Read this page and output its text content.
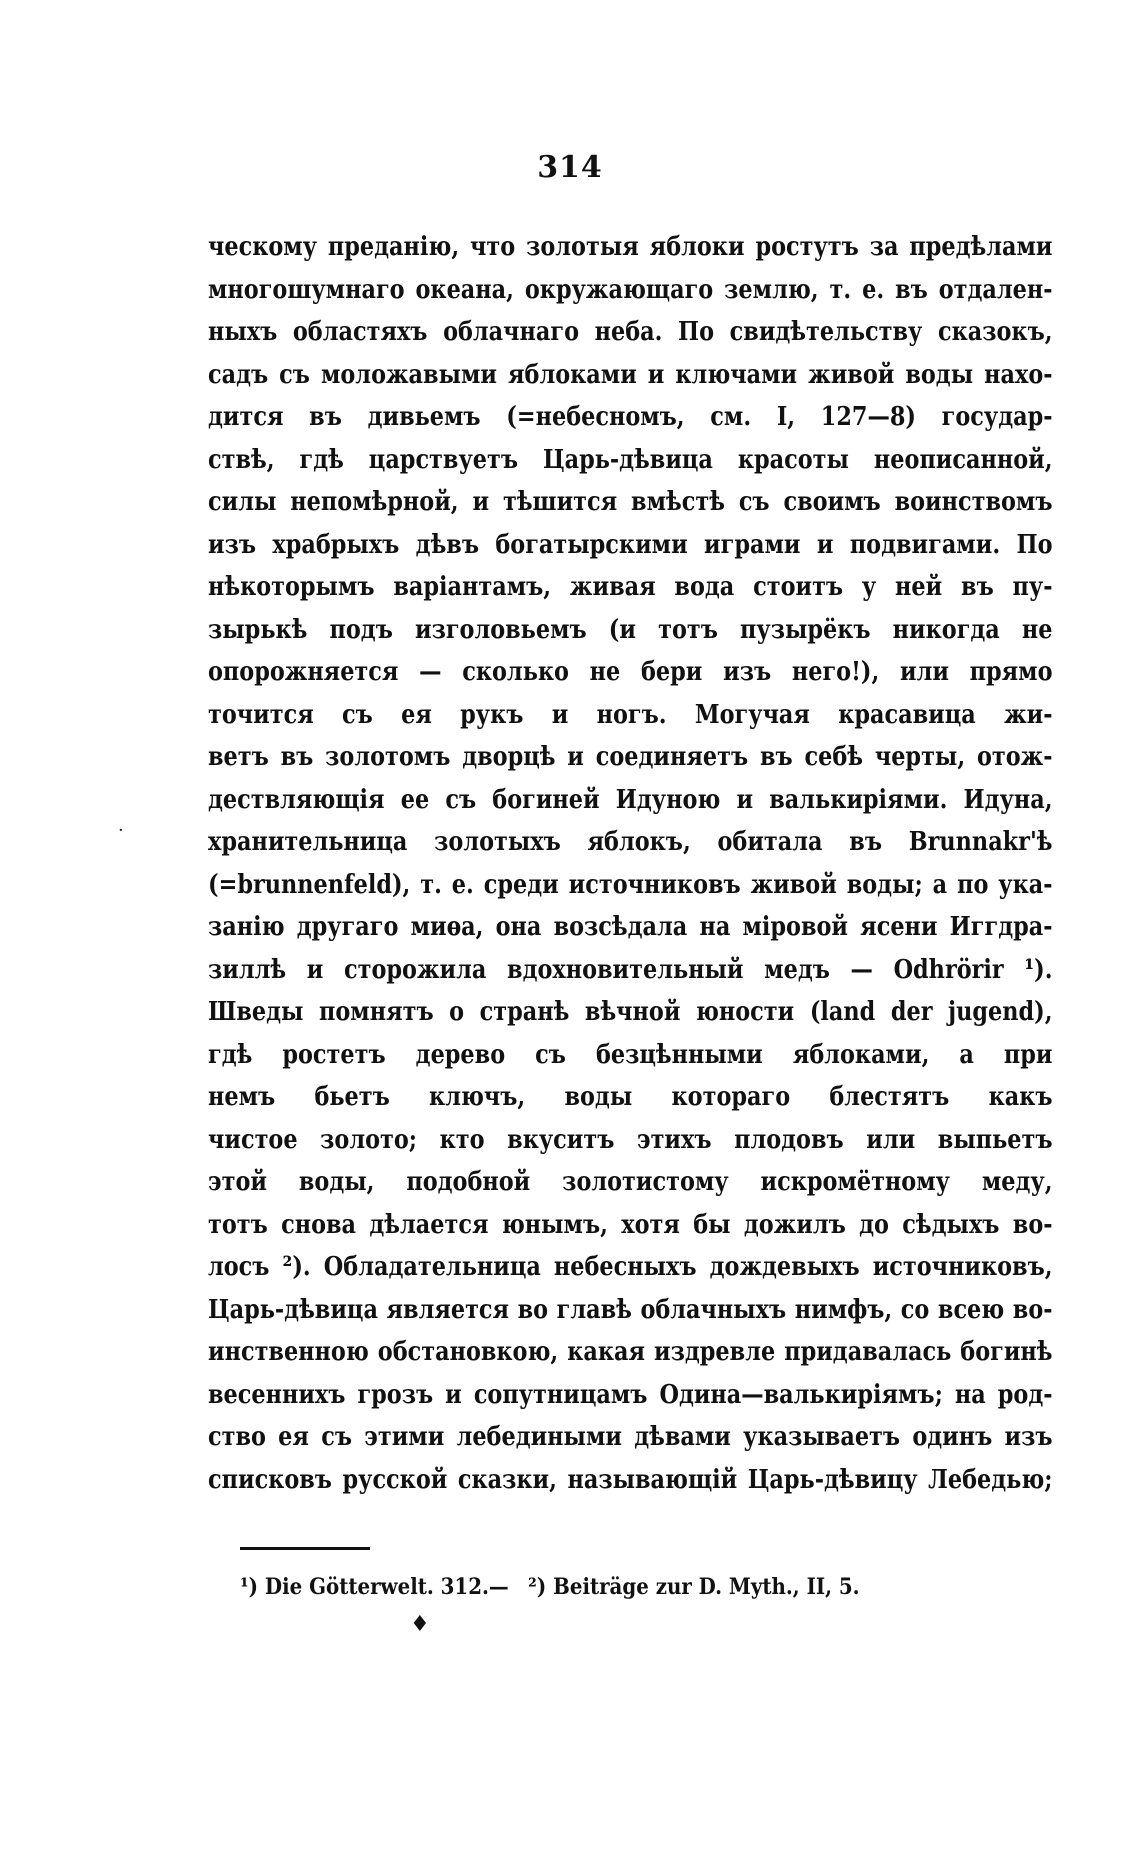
314
ческому преданію, что золотыя яблоки ростутъ за предѣлами
многошумнаго океана, окружающаго землю, т. е. въ отдален-
ныхъ областяхъ облачнаго неба. По свидѣтельству сказокъ,
садъ съ моложавыми яблоками и ключами живой воды нахо-
дится въ дивьемъ (=небесномъ, см. I, 127—8) государ-
ствѣ, гдѣ царствуетъ Царь-дѣвица красоты неописанной,
силы непомѣрной, и тѣшится вмѣстѣ съ своимъ воинствомъ
изъ храбрыхъ дѣвъ богатырскими играми и подвигами. По
нѣкоторымъ варіантамъ, живая вода стоитъ у ней въ пу-
зырькѣ подъ изголовьемъ (и тотъ пузырёкъ никогда не
опорожняется — сколько не бери изъ него!), или прямо
точится съ ея рукъ и ногъ. Могучая красавица жи-
ветъ въ золотомъ дворцѣ и соединяетъ въ себѣ черты, отож-
дествляющія ее съ богиней Идуною и валькиріями. Идуна,
хранительница золотыхъ яблокъ, обитала въ Brunnakr'ѣ
(=brunnenfeld), т. е. среди источниковъ живой воды; а по ука-
занію другаго миѳа, она возсѣдала на міровой ясени Иггдра-
зиллѣ и сторожила вдохновительный медъ — Odhrörir ¹).
Шведы помнятъ о странѣ вѣчной юности (land der jugend),
гдѣ ростетъ дерево съ безцѣнными яблоками, а при
немъ бьетъ ключъ, воды котораго блестятъ какъ
чистое золото; кто вкуситъ этихъ плодовъ или выпьетъ
этой воды, подобной золотистому искромётному меду,
тотъ снова дѣлается юнымъ, хотя бы дожилъ до сѣдыхъ во-
лосъ ²). Обладательница небесныхъ дождевыхъ источниковъ,
Царь-дѣвица является во главѣ облачныхъ нимфъ, со всею во-
инственною обстановкою, какая издревле придавалась богинѣ
весеннихъ грозъ и сопутницамъ Одина—валькиріямъ; на род-
ство ея съ этими лебедиными дѣвами указываетъ одинъ изъ
списковъ русской сказки, называющій Царь-дѣвицу Лебедью;
·
¹) Die Götterwelt. 312.— ²) Beiträge zur D. Myth., II, 5.
♦
